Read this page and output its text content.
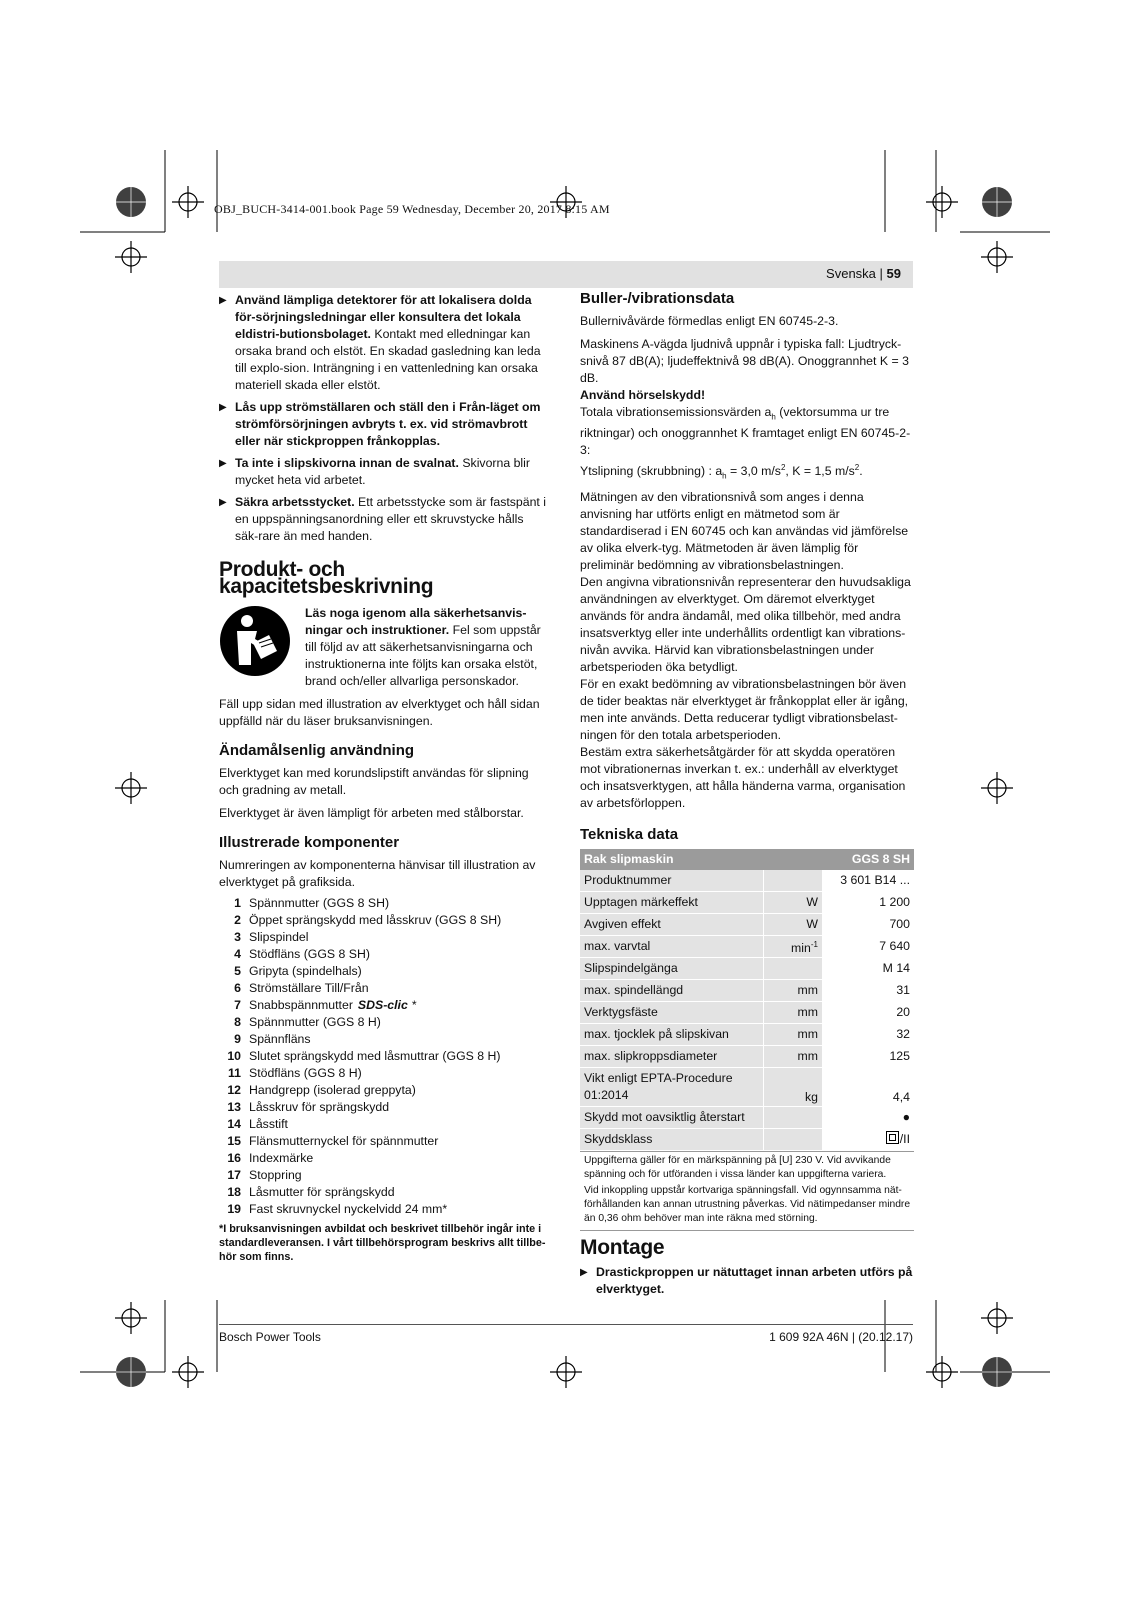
OBJ_BUCH-3414-001.book Page 59 Wednesday, December 20, 2017 8:15 AM
Svenska | 59
▶ Använd lämpliga detektorer för att lokalisera dolda för-sörjningsledningar eller konsultera det lokala eldistri-butionsbolaget. Kontakt med elledningar kan orsaka brand och elstöt. En skadad gasledning kan leda till explo-sion. Inträngning i en vattenledning kan orsaka materiell skada eller elstöt.
▶ Lås upp strömställaren och ställ den i Från-läget om strömförsörjningen avbryts t. ex. vid strömavbrott eller när stickproppen frånkopplas.
▶ Ta inte i slipskivorna innan de svalnat. Skivorna blir mycket heta vid arbetet.
▶ Säkra arbetsstycket. Ett arbetsstycke som är fastspänt i en uppspänningsanordning eller ett skruvstycke hålls säk-rare än med handen.
Produkt- och kapacitetsbeskrivning
Läs noga igenom alla säkerhetsanvis-ningar och instruktioner. Fel som uppstår till följd av att säkerhetsanvisningarna och instruktionerna inte följts kan orsaka elstöt, brand och/eller allvarliga personskador.

Fäll upp sidan med illustration av elverktyget och håll sidan uppfälld när du läser bruksanvisningen.

Ändamålsenlig användning

Elverktyget kan med korundslipstift användas för slipning och gradning av metall.

Elverktyget är även lämpligt för arbeten med stålborstar.

Illustrerade komponenter

Numreringen av komponenterna hänvisar till illustration av elverktyget på grafiksida.

1 Spännmutter (GGS 8 SH)
2 Öppet sprängskydd med låsskruv (GGS 8 SH)
3 Slipspindel
4 Stödfläns (GGS 8 SH)
5 Gripyta (spindelhals)
6 Strömställare Till/Från
7 Snabbspännmutter SDS-clic *
8 Spännmutter (GGS 8 H)
9 Spännfläns
10 Slutet sprängskydd med låsmuttrar (GGS 8 H)
11 Stödfläns (GGS 8 H)
12 Handgrepp (isolerad greppyta)
13 Låsskruv för sprängskydd
14 Låsstift
15 Flänsmutternyckel för spännmutter
16 Indexmärke
17 Stoppring
18 Låsmutter för sprängskydd
19 Fast skruvnyckel nyckelvidd 24 mm*
*I bruksanvisningen avbildat och beskrivet tillbehör ingår inte i standardleveransen. I vårt tillbehörsprogram beskrivs allt tillbe-hör som finns.
Buller-/vibrationsdata

Bullernivåvärde förmedlas enligt EN 60745-2-3.

Maskinens A-vägda ljudnivå uppnår i typiska fall: Ljudtryck-snivå 87 dB(A); ljudeffektnivå 98 dB(A). Onoggrannhet K = 3 dB.

Använd hörselskydd!

Totala vibrationsemissionsvärden $a_h$ (vektorsumma ur tre riktningar) och onoggrannhet K framtaget enligt EN 60745-2-3:
Ytslipning (skrubbning) : $a_h = 3,0$ $m/s^2$, K = 1,5 $m/s^2$.

Mätningen av den vibrationsnivå som anges i denna anvisning har utförts enligt en mätmetod som är standardiserad i EN 60745 och kan användas vid jämförelse av olika elverk-tyg. Mätmetoden är även lämplig för preliminär bedömning av vibrationsbelastningen.

Den angivna vibrationsnivån representerar den huvudsakliga användningen av elverktyget. Om däremot elverktyget används för andra ändamål, med olika tillbehör, med andra insatsverktyg eller inte underhållits ordentligt kan vibrations-nivån avvika. Härvid kan vibrationsbelastningen under arbetsperioden öka betydligt.

För en exakt bedömning av vibrationsbelastningen bör även de tider beaktas när elverktyget är frånkopplat eller är igång, men inte används. Detta reducerar tydligt vibrationsbelast-ningen för den totala arbetsperioden.

Bestäm extra säkerhetsåtgärder för att skydda operatören mot vibrationernas inverkan t. ex.: underhåll av elverktyget och insatsverktygen, att hålla händerna varma, organisation av arbetsförloppen.

Tekniska data
Rak slipmaskin		GGS 8 SH
Produktnummer		3 601 B14 ...
Upptagen märkeffekt	W	1 200
Avgiven effekt	W	700
max. varvtal	$\min^{-1}$	7 640
Slipspindelgänga		M 14
max. spindellängd	mm	31
Verktygsfäste	mm	20
max. tjocklek på slipskivan	mm	32
max. slipkroppsdiameter	mm	125
Vikt enligt EPTA-Procedure 01:2014	kg	4,4
Skydd mot oavsiktlig återstart		●
Skyddsklass		/II

Uppgifterna gäller för en märkspänning på [U] 230 V. Vid avvikande spänning och för utföranden i vissa länder kan uppgifterna variera.

Vid inkoppling uppstår kortvariga spänningsfall. Vid ogynnsamma nät-förhållanden kan annan utrustning påverkas. Vid nätimpedanser mindre än 0,36 ohm behöver man inte räkna med störning.

Montage
▶ Drastickproppen ur nätuttaget innan arbeten utförs på elverktyget.
Bosch Power Tools	1 609 92A 46N | (20.12.17)
